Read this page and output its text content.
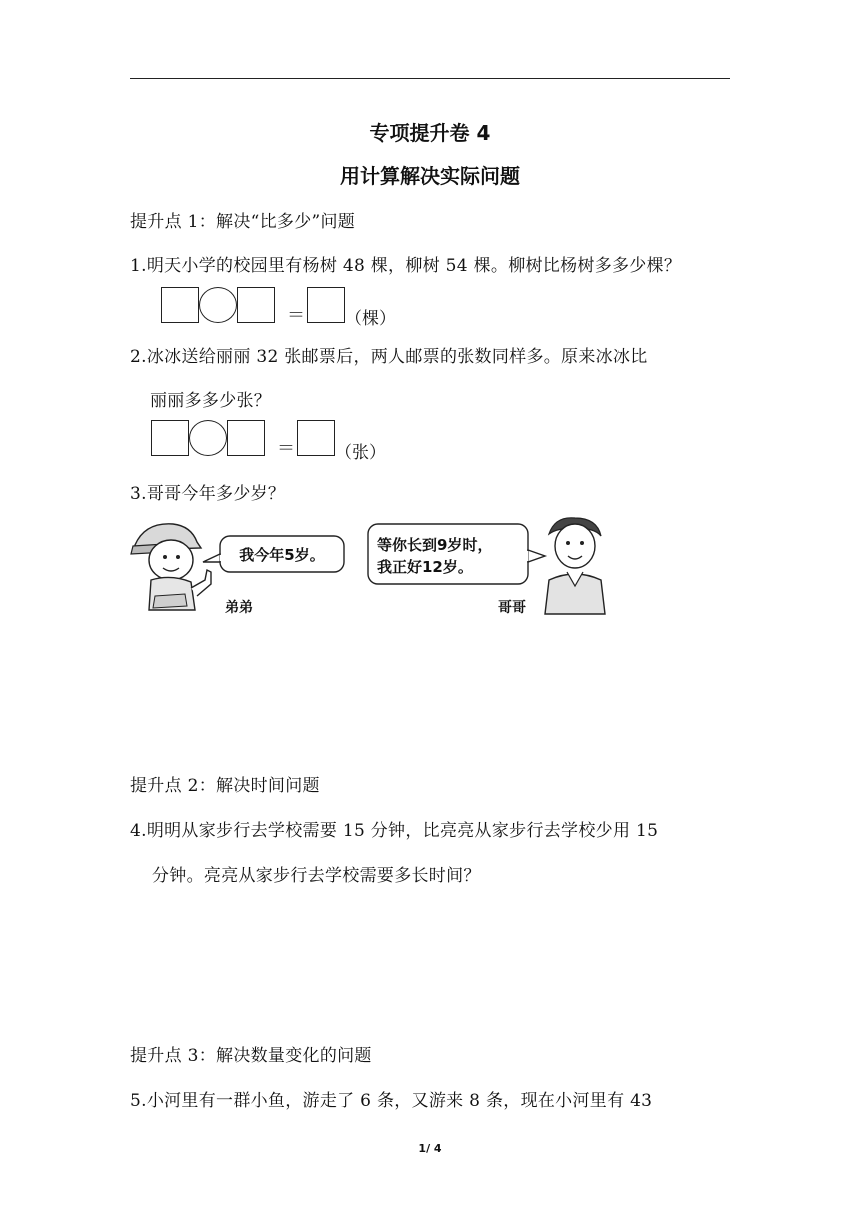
专项提升卷 4
用计算解决实际问题
提升点 1：解决“比多少”问题
1.明天小学的校园里有杨树 48 棵，柳树 54 棵。柳树比杨树多多少棵？
＝ （棵）
2.冰冰送给丽丽 32 张邮票后，两人邮票的张数同样多。原来冰冰比
丽丽多多少张？
＝ （张）
3.哥哥今年多少岁？
我今年5岁。
弟弟
等你长到9岁时，
我正好12岁。
哥哥
提升点 2：解决时间问题
4.明明从家步行去学校需要 15 分钟，比亮亮从家步行去学校少用 15
分钟。亮亮从家步行去学校需要多长时间？
提升点 3：解决数量变化的问题
5.小河里有一群小鱼，游走了 6 条，又游来 8 条，现在小河里有 43
1/ 4
